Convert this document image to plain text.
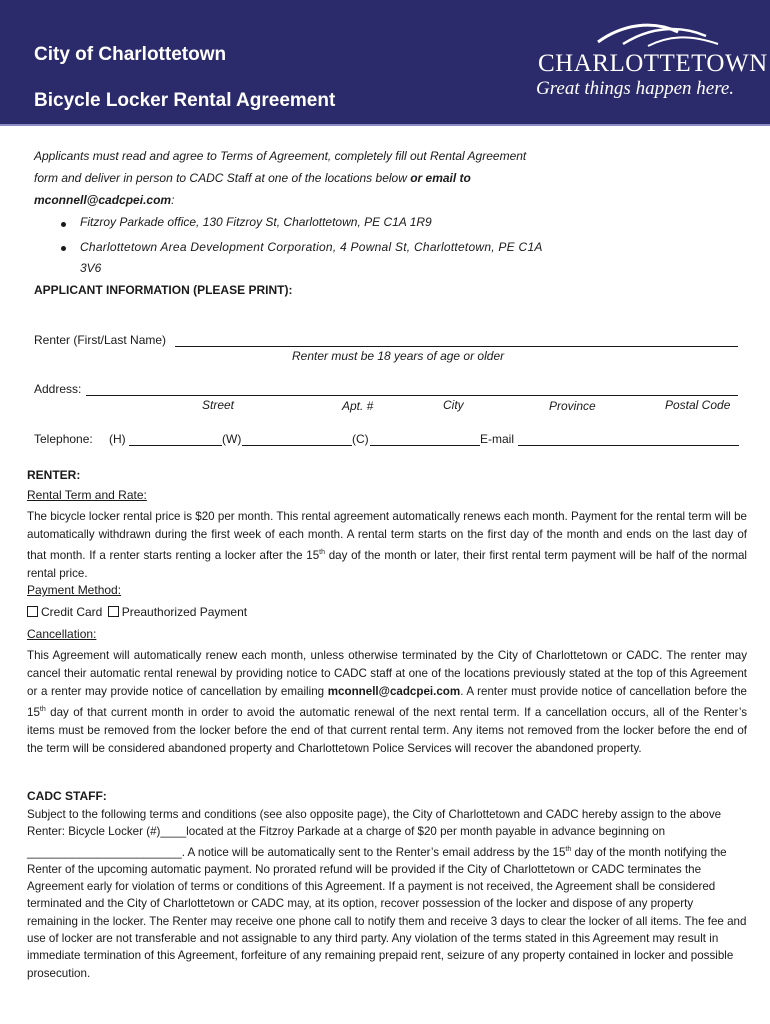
City of Charlottetown
Bicycle Locker Rental Agreement
CHARLOTTETOWN
Great things happen here.
Applicants must read and agree to Terms of Agreement, completely fill out Rental Agreement
form and deliver in person to CADC Staff at one of the locations below or email to
mconnell@cadcpei.com:
Fitzroy Parkade office, 130 Fitzroy St, Charlottetown, PE C1A 1R9
Charlottetown Area Development Corporation, 4 Pownal St, Charlottetown, PE C1A
3V6
APPLICANT INFORMATION (PLEASE PRINT):
Renter (First/Last Name)
Renter must be 18 years of age or older
Address:
Street	Apt. #	City	Province	Postal Code
Telephone: (H)	(W)	(C)	E-mail
RENTER:
Rental Term and Rate:
The bicycle locker rental price is $20 per month. This rental agreement automatically renews each month. Payment for the rental term will be automatically withdrawn during the first week of each month. A rental term starts on the first day of the month and ends on the last day of that month. If a renter starts renting a locker after the 15th day of the month or later, their first rental term payment will be half of the normal rental price.
Payment Method:
Credit Card Preauthorized Payment
Cancellation:
This Agreement will automatically renew each month, unless otherwise terminated by the City of Charlottetown or CADC. The renter may cancel their automatic rental renewal by providing notice to CADC staff at one of the locations previously stated at the top of this Agreement or a renter may provide notice of cancellation by emailing mconnell@cadcpei.com. A renter must provide notice of cancellation before the 15th day of that current month in order to avoid the automatic renewal of the next rental term. If a cancellation occurs, all of the Renter’s items must be removed from the locker before the end of that current rental term. Any items not removed from the locker before the end of the term will be considered abandoned property and Charlottetown Police Services will recover the abandoned property.
CADC STAFF:
Subject to the following terms and conditions (see also opposite page), the City of Charlottetown and CADC hereby assign to the above Renter: Bicycle Locker (#)____located at the Fitzroy Parkade at a charge of $20 per month payable in advance beginning on ________________________. A notice will be automatically sent to the Renter’s email address by the 15th day of the month notifying the Renter of the upcoming automatic payment. No prorated refund will be provided if the City of Charlottetown or CADC terminates the Agreement early for violation of terms or conditions of this Agreement. If a payment is not received, the Agreement shall be considered terminated and the City of Charlottetown or CADC may, at its option, recover possession of the locker and dispose of any property remaining in the locker. The Renter may receive one phone call to notify them and receive 3 days to clear the locker of all items. The fee and use of locker are not transferable and not assignable to any third party. Any violation of the terms stated in this Agreement may result in immediate termination of this Agreement, forfeiture of any remaining prepaid rent, seizure of any property contained in locker and possible prosecution.
